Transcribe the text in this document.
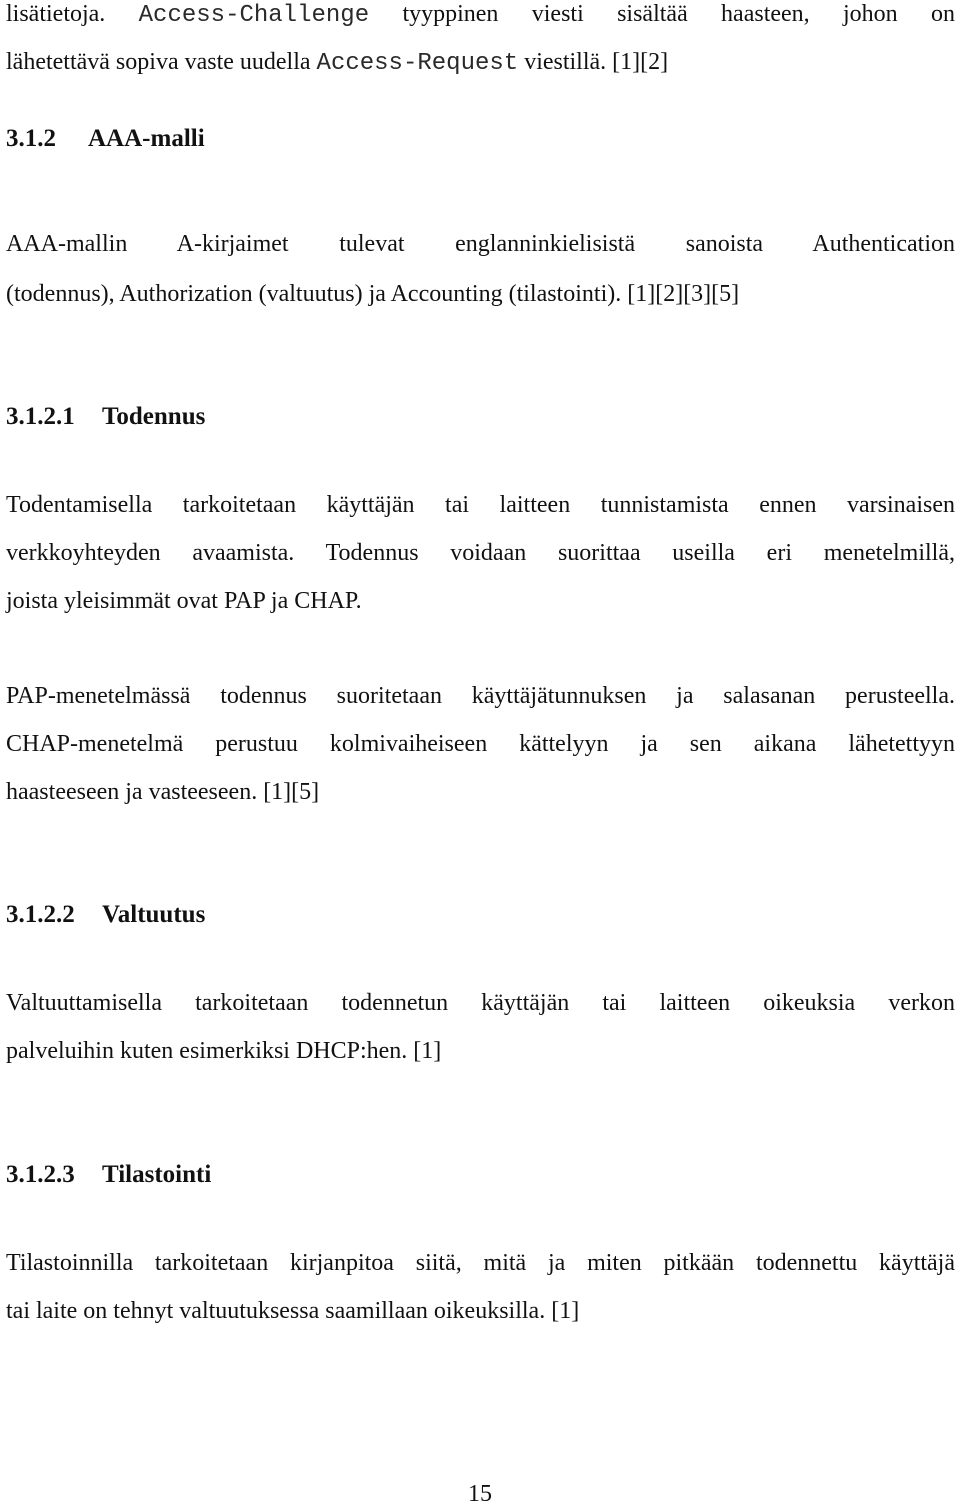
lisätietoja. Access-Challenge tyyppinen viesti sisältää haasteen, johon on
lähetettävä sopiva vaste uudella Access-Request viestillä. [1][2]
3.1.2 AAA-malli
AAA-mallin A-kirjaimet tulevat englanninkielisistä sanoista Authentication
(todennus), Authorization (valtuutus) ja Accounting (tilastointi). [1][2][3][5]
3.1.2.1 Todennus
Todentamisella tarkoitetaan käyttäjän tai laitteen tunnistamista ennen varsinaisen
verkkoyhteyden avaamista. Todennus voidaan suorittaa useilla eri menetelmillä,
joista yleisimmät ovat PAP ja CHAP.
PAP-menetelmässä todennus suoritetaan käyttäjätunnuksen ja salasanan perusteella.
CHAP-menetelmä perustuu kolmivaiheiseen kättelyyn ja sen aikana lähetettyyn
haasteeseen ja vasteeseen. [1][5]
3.1.2.2 Valtuutus
Valtuuttamisella tarkoitetaan todennetun käyttäjän tai laitteen oikeuksia verkon
palveluihin kuten esimerkiksi DHCP:hen. [1]
3.1.2.3 Tilastointi
Tilastoinnilla tarkoitetaan kirjanpitoa siitä, mitä ja miten pitkään todennettu käyttäjä
tai laite on tehnyt valtuutuksessa saamillaan oikeuksilla. [1]
15
